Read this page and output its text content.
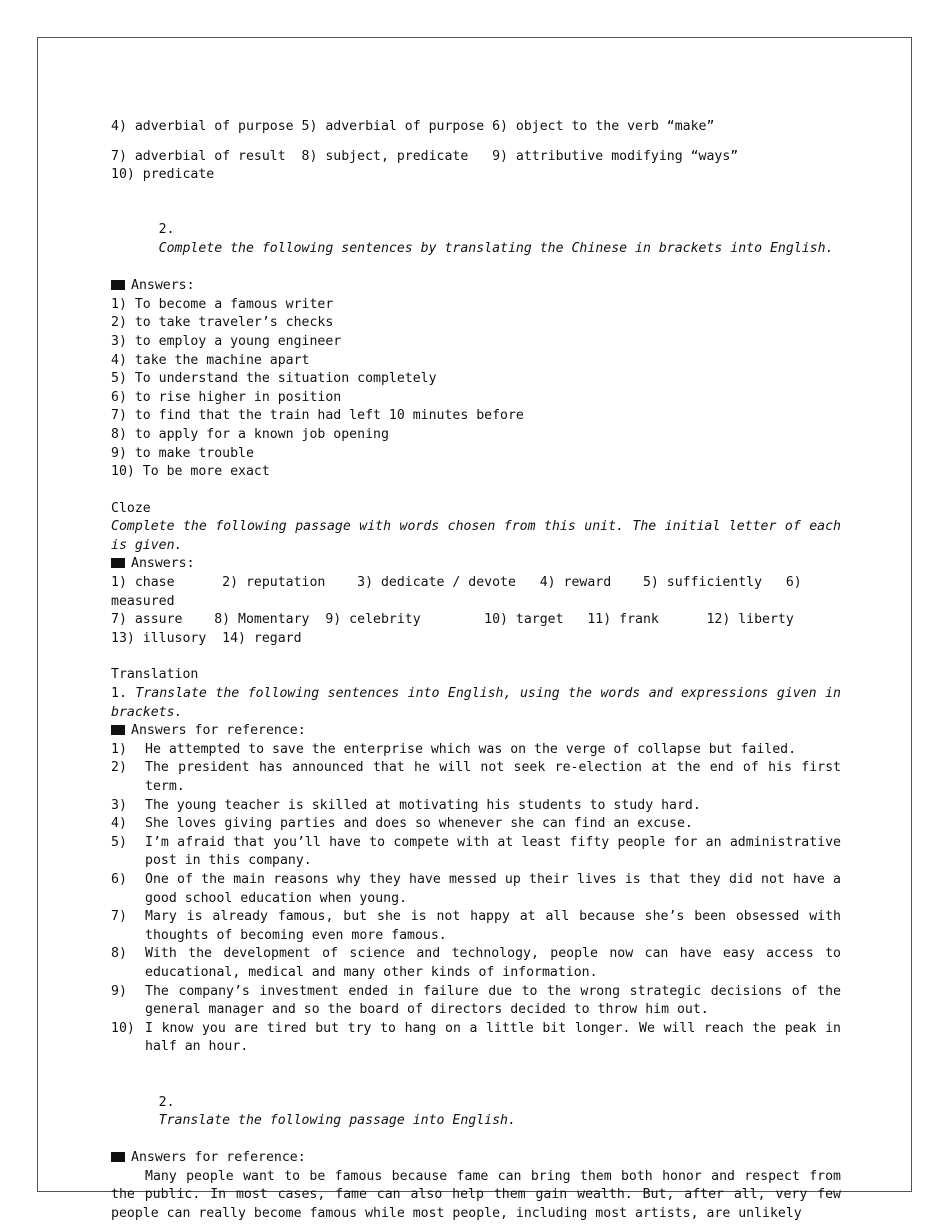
4) adverbial of purpose 5) adverbial of purpose 6) object to the verb “make”
7) adverbial of result  8) subject, predicate   9) attributive modifying “ways”
10) predicate

2.
Complete the following sentences by translating the Chinese in brackets into English.

Answers:
1) To become a famous writer
2) to take traveler’s checks
3) to employ a young engineer
4) take the machine apart
5) To understand the situation completely
6) to rise higher in position
7) to find that the train had left 10 minutes before
8) to apply for a known job opening
9) to make trouble
10) To be more exact
Cloze
Complete the following passage with words chosen from this unit. The initial letter of each is given.
Answers:
1) chase      2) reputation    3) dedicate / devote   4) reward    5) sufficiently   6)
measured
7) assure    8) Momentary  9) celebrity        10) target   11) frank      12) liberty
13) illusory  14) regard
Translation
1. Translate the following sentences into English, using the words and expressions given in brackets.
Answers for reference:
1)	He attempted to save the enterprise which was on the verge of collapse but failed.
2)	The president has announced that he will not seek re-election at the end of his first term.
3)	The young teacher is skilled at motivating his students to study hard.
4)	She loves giving parties and does so whenever she can find an excuse.
5)	I’m afraid that you’ll have to compete with at least fifty people for an administrative post in this company.
6)	One of the main reasons why they have messed up their lives is that they did not have a good school education when young.
7)	Mary is already famous, but she is not happy at all because she’s been obsessed with thoughts of becoming even more famous.
8)	With the development of science and technology, people now can have easy access to educational, medical and many other kinds of information.
9)	The company’s investment ended in failure due to the wrong strategic decisions of the general manager and so the board of directors decided to throw him out.
10) I know you are tired but try to hang on a little bit longer. We will reach the peak in half an hour.

2.
Translate the following passage into English.

Answers for reference:
Many people want to be famous because fame can bring them both honor and respect from the public. In most cases, fame can also help them gain wealth. But, after all, very few people can really become famous while most people, including most artists, are unlikely
